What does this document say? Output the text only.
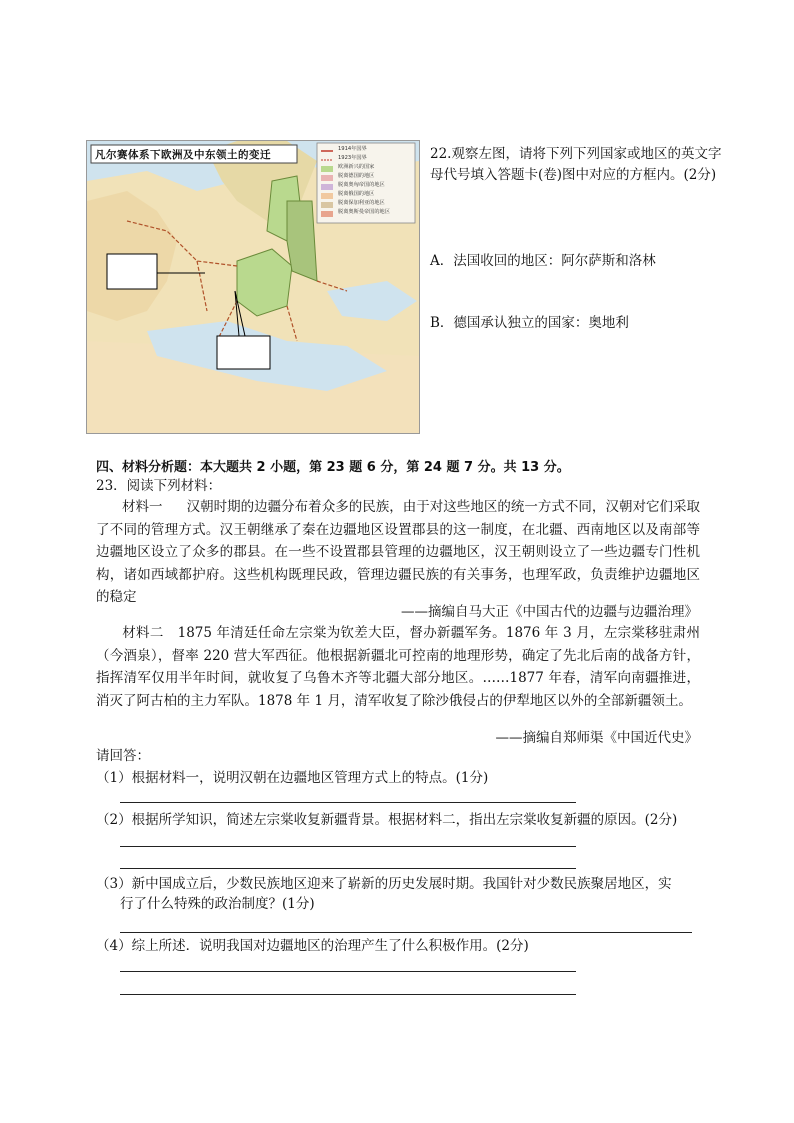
凡尔赛体系下欧洲及中东领土的变迁	1914年国界
1923年国界
欧洲新兴的国家
脱离德国的地区
脱离奥匈帝国的地区
脱离俄国的地区
脱离保加利亚的地区
脱离奥斯曼帝国的地区
22.观察左图，请将下列下列国家或地区的英文字母代号填入答题卡(卷)图中对应的方框内。(2分)
A．法国收回的地区：阿尔萨斯和洛林
B．德国承认独立的国家：奥地利
四、材料分析题：本大题共 2 小题，第 23 题 6 分，第 24 题 7 分。共 13 分。
23．阅读下列材料：
材料一 汉朝时期的边疆分布着众多的民族，由于对这些地区的统一方式不同，汉朝对它们采取了不同的管理方式。汉王朝继承了秦在边疆地区设置郡县的这一制度，在北疆、西南地区以及南部等边疆地区设立了众多的郡县。在一些不设置郡县管理的边疆地区，汉王朝则设立了一些边疆专门性机构，诸如西域都护府。这些机构既理民政，管理边疆民族的有关事务，也理军政，负责维护边疆地区的稳定
——摘编自马大正《中国古代的边疆与边疆治理》
材料二 1875 年清廷任命左宗棠为钦差大臣，督办新疆军务。1876 年 3 月，左宗棠移驻肃州（今酒泉），督率 220 营大军西征。他根据新疆北可控南的地理形势，确定了先北后南的战备方针，指挥清军仅用半年时间，就收复了乌鲁木齐等北疆大部分地区。……1877 年春，清军向南疆推进，消灭了阿古柏的主力军队。1878 年 1 月，清军收复了除沙俄侵占的伊犁地区以外的全部新疆领土。
——摘编自郑师渠《中国近代史》
请回答：
（1）根据材料一，说明汉朝在边疆地区管理方式上的特点。(1分)
（2）根据所学知识，简述左宗棠收复新疆背景。根据材料二，指出左宗棠收复新疆的原因。(2分)
（3）新中国成立后，少数民族地区迎来了崭新的历史发展时期。我国针对少数民族聚居地区，实
行了什么特殊的政治制度？(1分)
（4）综上所述．说明我国对边疆地区的治理产生了什么积极作用。(2分)
